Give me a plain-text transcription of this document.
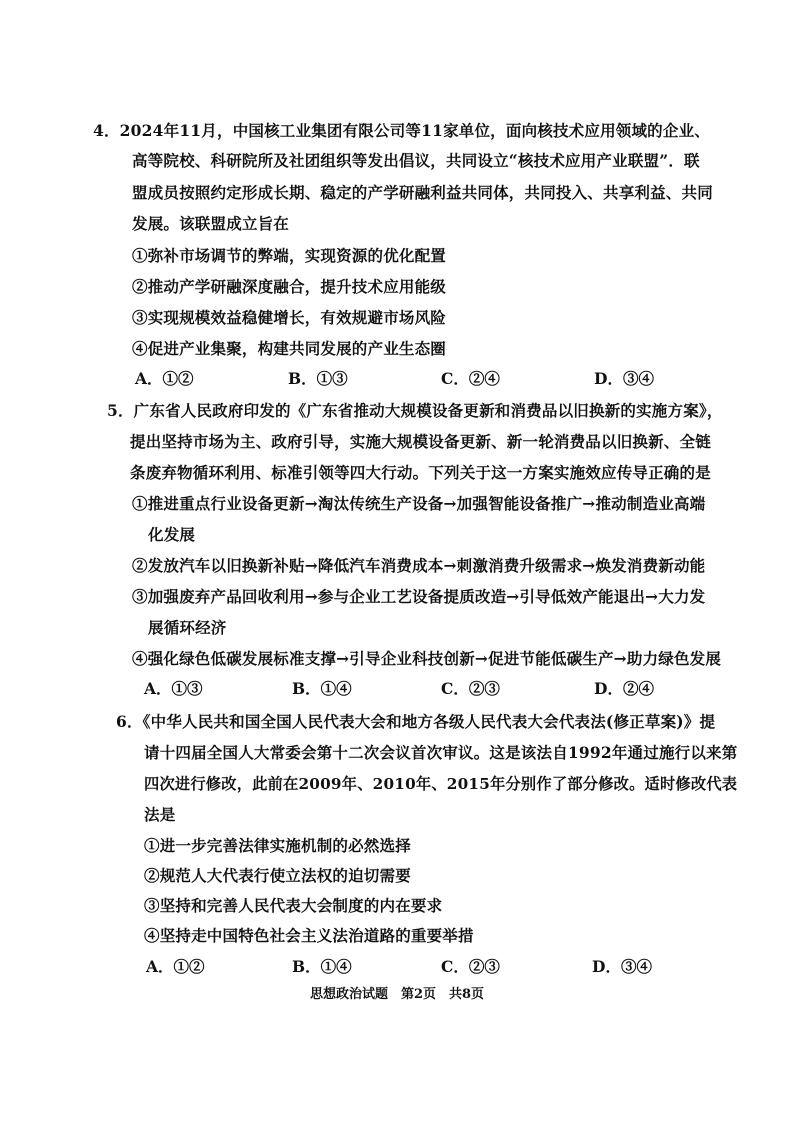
4．2024年11月，中国核工业集团有限公司等11家单位，面向核技术应用领域的企业、
高等院校、科研院所及社团组织等发出倡议，共同设立“核技术应用产业联盟”．联
盟成员按照约定形成长期、稳定的产学研融利益共同体，共同投入、共享利益、共同
发展。该联盟成立旨在
①弥补市场调节的弊端，实现资源的优化配置
②推动产学研融深度融合，提升技术应用能级
③实现规模效益稳健增长，有效规避市场风险
④促进产业集聚，构建共同发展的产业生态圈
A．①②	B．①③	C．②④	D．③④
5．广东省人民政府印发的《广东省推动大规模设备更新和消费品以旧换新的实施方案》，
提出坚持市场为主、政府引导，实施大规模设备更新、新一轮消费品以旧换新、全链
条废弃物循环利用、标准引领等四大行动。下列关于这一方案实施效应传导正确的是
①推进重点行业设备更新→淘汰传统生产设备→加强智能设备推广→推动制造业高端
化发展
②发放汽车以旧换新补贴→降低汽车消费成本→刺激消费升级需求→焕发消费新动能
③加强废弃产品回收利用→参与企业工艺设备提质改造→引导低效产能退出→大力发
展循环经济
④强化绿色低碳发展标准支撑→引导企业科技创新→促进节能低碳生产→助力绿色发展
A．①③	B．①④	C．②③	D．②④
6．《中华人民共和国全国人民代表大会和地方各级人民代表大会代表法(修正草案)》提
请十四届全国人大常委会第十二次会议首次审议。这是该法自1992年通过施行以来第
四次进行修改，此前在2009年、2010年、2015年分别作了部分修改。适时修改代表
法是
①进一步完善法律实施机制的必然选择
②规范人大代表行使立法权的迫切需要
③坚持和完善人民代表大会制度的内在要求
④坚持走中国特色社会主义法治道路的重要举措
A．①②	B．①④	C．②③	D．③④
思想政治试题　第2页　共8页
